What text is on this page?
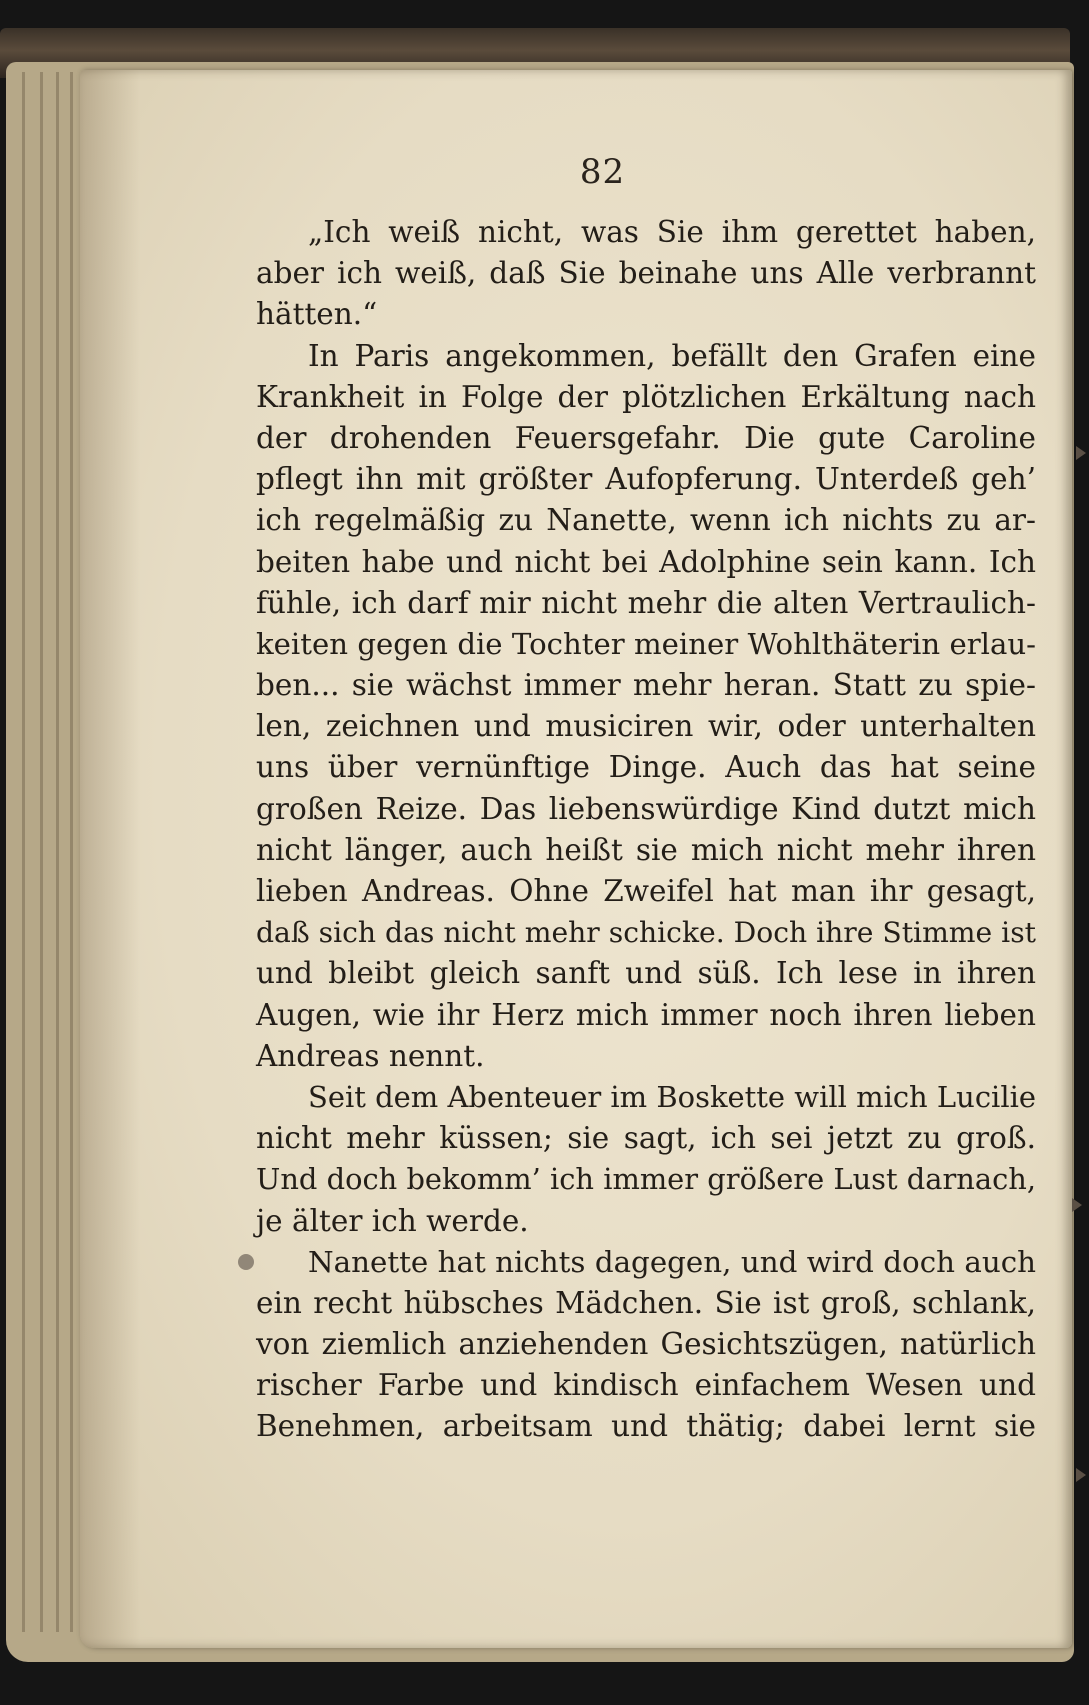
82
„Ich weiß nicht, was Sie ihm gerettet haben,
aber ich weiß, daß Sie beinahe uns Alle verbrannt
hätten.“
In Paris angekommen, befällt den Grafen eine
Krankheit in Folge der plötzlichen Erkältung nach
der drohenden Feuersgefahr. Die gute Caroline
pflegt ihn mit größter Aufopferung. Unterdeß geh’
ich regelmäßig zu Nanette, wenn ich nichts zu ar-
beiten habe und nicht bei Adolphine sein kann. Ich
fühle, ich darf mir nicht mehr die alten Vertraulich-
keiten gegen die Tochter meiner Wohlthäterin erlau-
ben... sie wächst immer mehr heran. Statt zu spie-
len, zeichnen und musiciren wir, oder unterhalten
uns über vernünftige Dinge. Auch das hat seine
großen Reize. Das liebenswürdige Kind dutzt mich
nicht länger, auch heißt sie mich nicht mehr ihren
lieben Andreas. Ohne Zweifel hat man ihr gesagt,
daß sich das nicht mehr schicke. Doch ihre Stimme ist
und bleibt gleich sanft und süß. Ich lese in ihren
Augen, wie ihr Herz mich immer noch ihren lieben
Andreas nennt.
Seit dem Abenteuer im Boskette will mich Lucilie
nicht mehr küssen; sie sagt, ich sei jetzt zu groß.
Und doch bekomm’ ich immer größere Lust darnach,
je älter ich werde.
Nanette hat nichts dagegen, und wird doch auch
ein recht hübsches Mädchen. Sie ist groß, schlank,
von ziemlich anziehenden Gesichtszügen, natürlich
rischer Farbe und kindisch einfachem Wesen und
Benehmen, arbeitsam und thätig; dabei lernt sie
